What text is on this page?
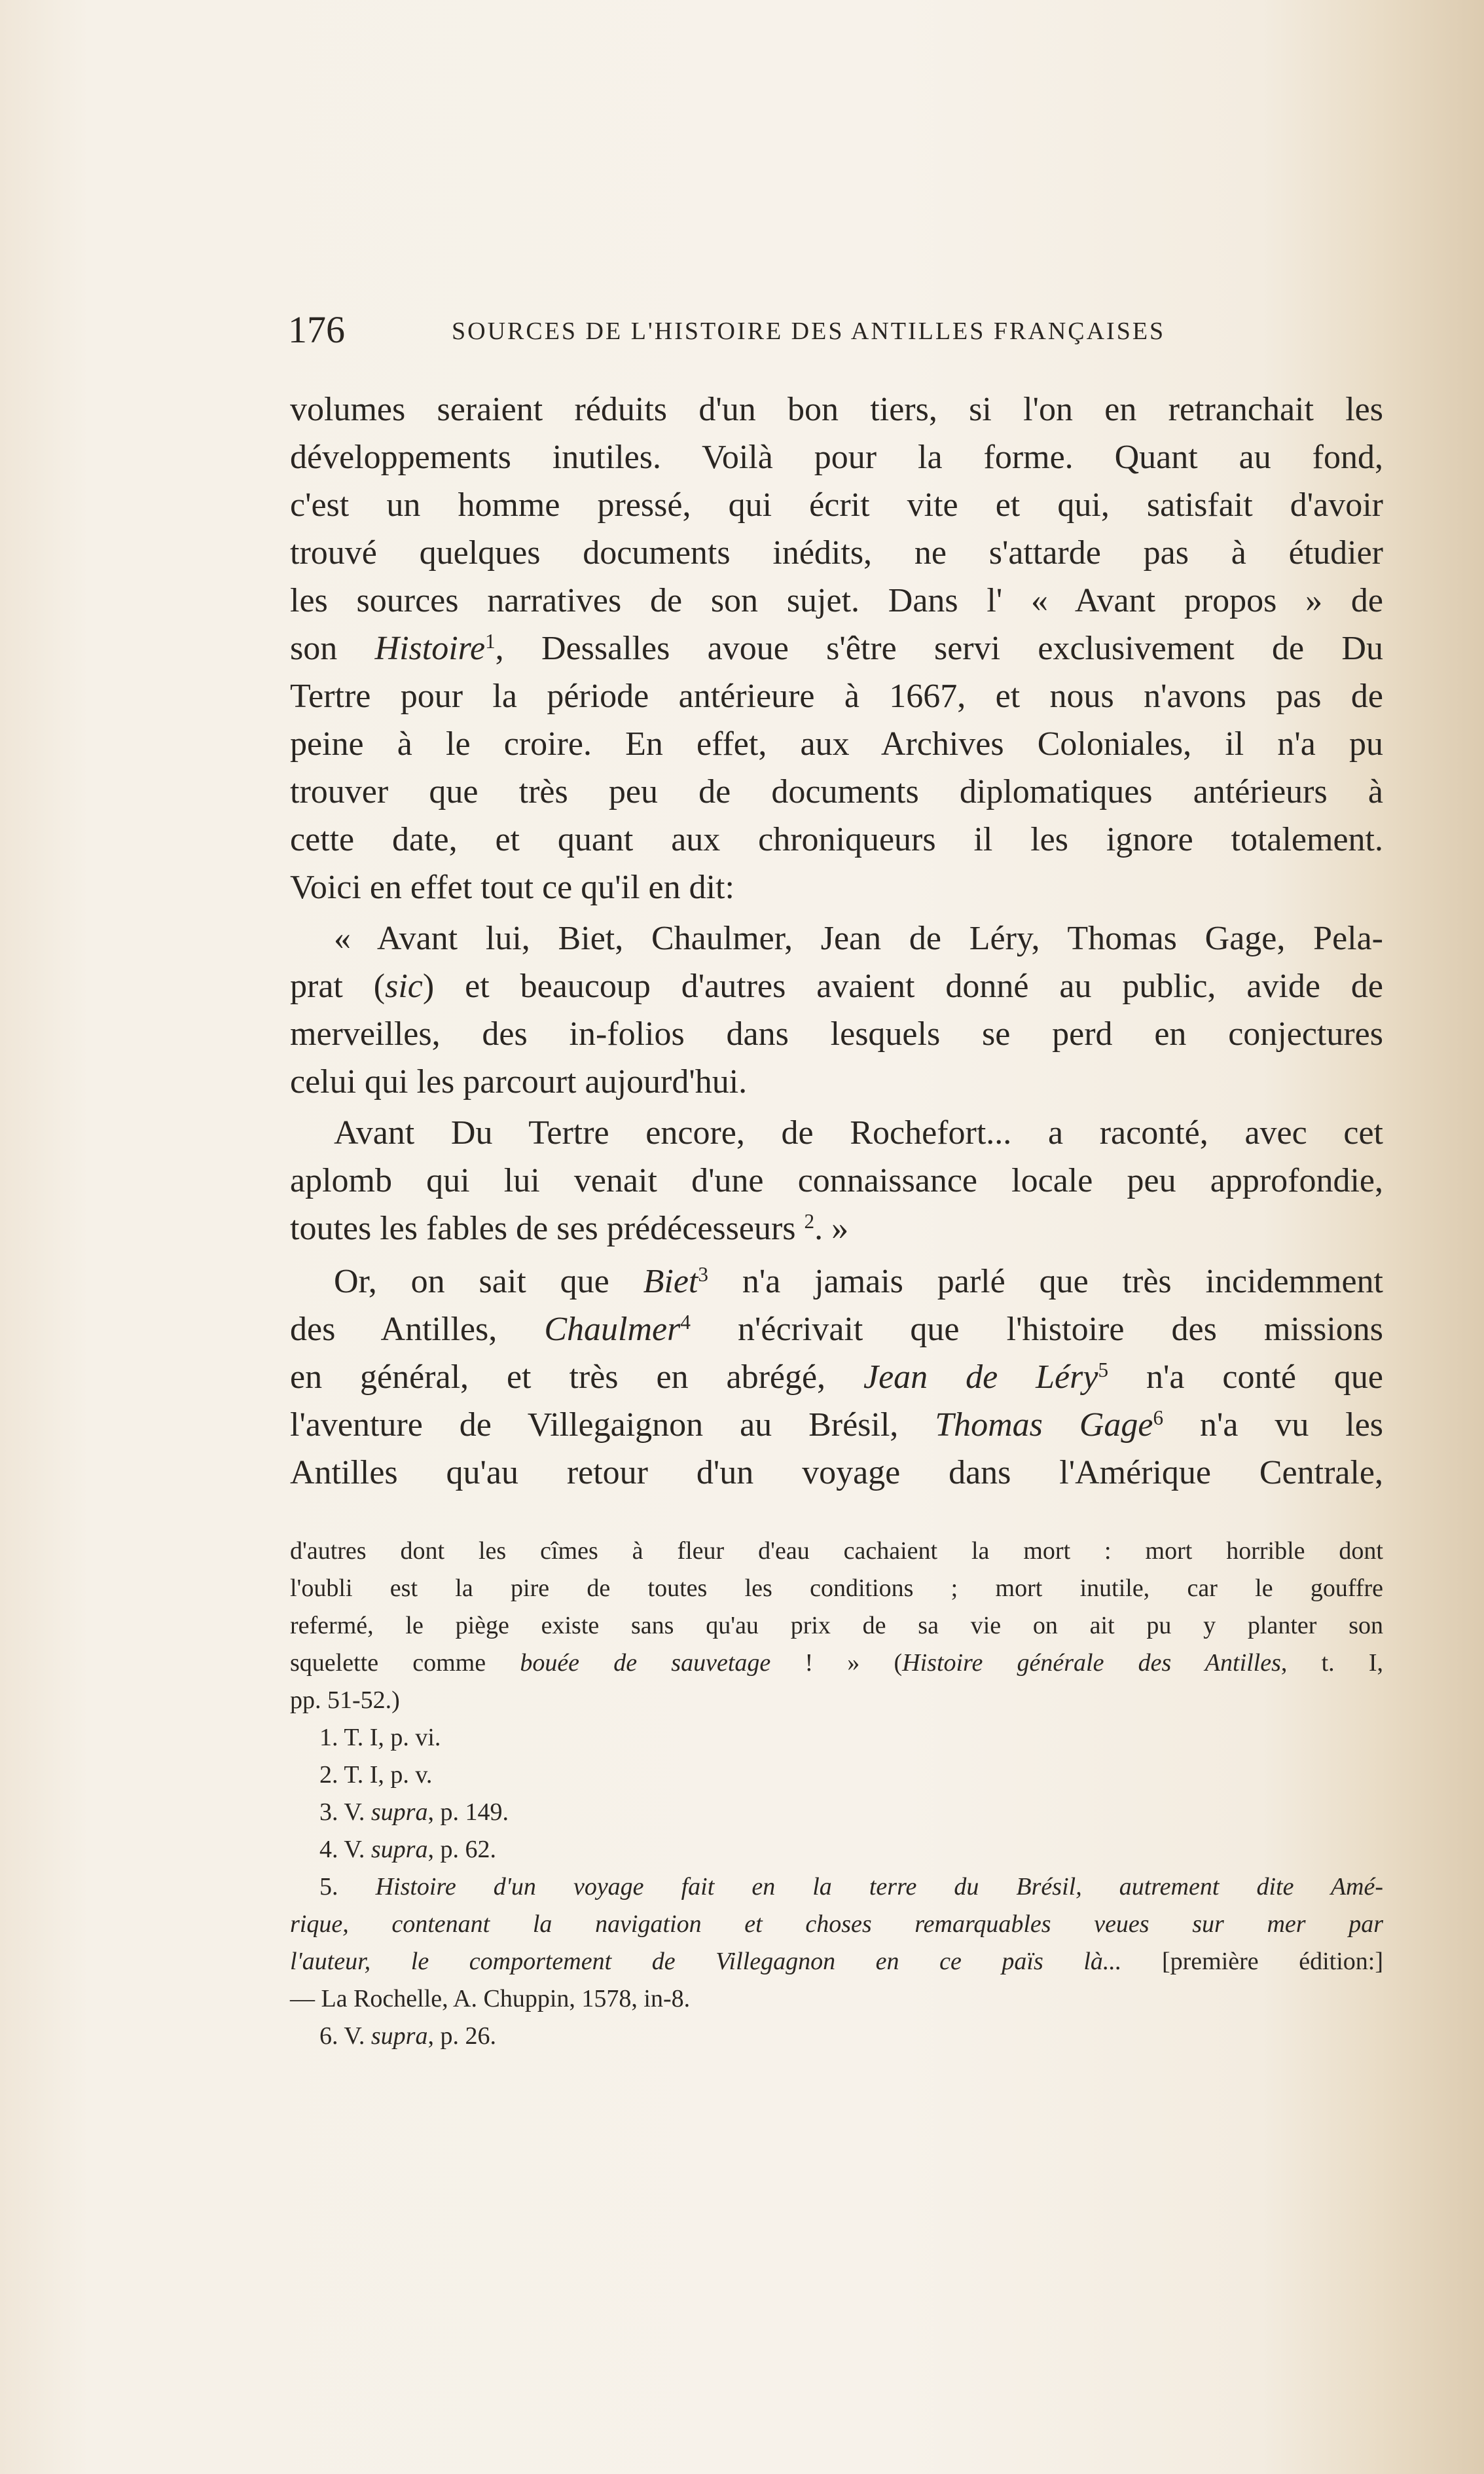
176	SOURCES DE L'HISTOIRE DES ANTILLES FRANÇAISES
volumes seraient réduits d'un bon tiers, si l'on en retranchait les
développements inutiles. Voilà pour la forme. Quant au fond,
c'est un homme pressé, qui écrit vite et qui, satisfait d'avoir
trouvé quelques documents inédits, ne s'attarde pas à étudier
les sources narratives de son sujet. Dans l' « Avant propos » de
son Histoire$^1$, Dessalles avoue s'être servi exclusivement de Du
Tertre pour la période antérieure à 1667, et nous n'avons pas de
peine à le croire. En effet, aux Archives Coloniales, il n'a pu
trouver que très peu de documents diplomatiques antérieurs à
cette date, et quant aux chroniqueurs il les ignore totalement.
Voici en effet tout ce qu'il en dit:
« Avant lui, Biet, Chaulmer, Jean de Léry, Thomas Gage, Pela-
prat (sic) et beaucoup d'autres avaient donné au public, avide de
merveilles, des in-folios dans lesquels se perd en conjectures
celui qui les parcourt aujourd'hui.
Avant Du Tertre encore, de Rochefort... a raconté, avec cet
aplomb qui lui venait d'une connaissance locale peu approfondie,
toutes les fables de ses prédécesseurs $^2$. »
Or, on sait que Biet$^3$ n'a jamais parlé que très incidemment
des Antilles, Chaulmer$^4$ n'écrivait que l'histoire des missions
en général, et très en abrégé, Jean de Léry$^5$ n'a conté que
l'aventure de Villegaignon au Brésil, Thomas Gage$^6$ n'a vu les
Antilles qu'au retour d'un voyage dans l'Amérique Centrale,
d'autres dont les cîmes à fleur d'eau cachaient la mort : mort horrible dont
l'oubli est la pire de toutes les conditions ; mort inutile, car le gouffre
refermé, le piège existe sans qu'au prix de sa vie on ait pu y planter son
squelette comme bouée de sauvetage ! » (Histoire générale des Antilles, t. I,
pp. 51-52.)
1. T. I, p. vi.
2. T. I, p. v.
3. V. supra, p. 149.
4. V. supra, p. 62.
5. Histoire d'un voyage fait en la terre du Brésil, autrement dite Amé-
rique, contenant la navigation et choses remarquables veues sur mer par
l'auteur, le comportement de Villegagnon en ce païs là... [première édition:]
— La Rochelle, A. Chuppin, 1578, in-8.
6. V. supra, p. 26.
